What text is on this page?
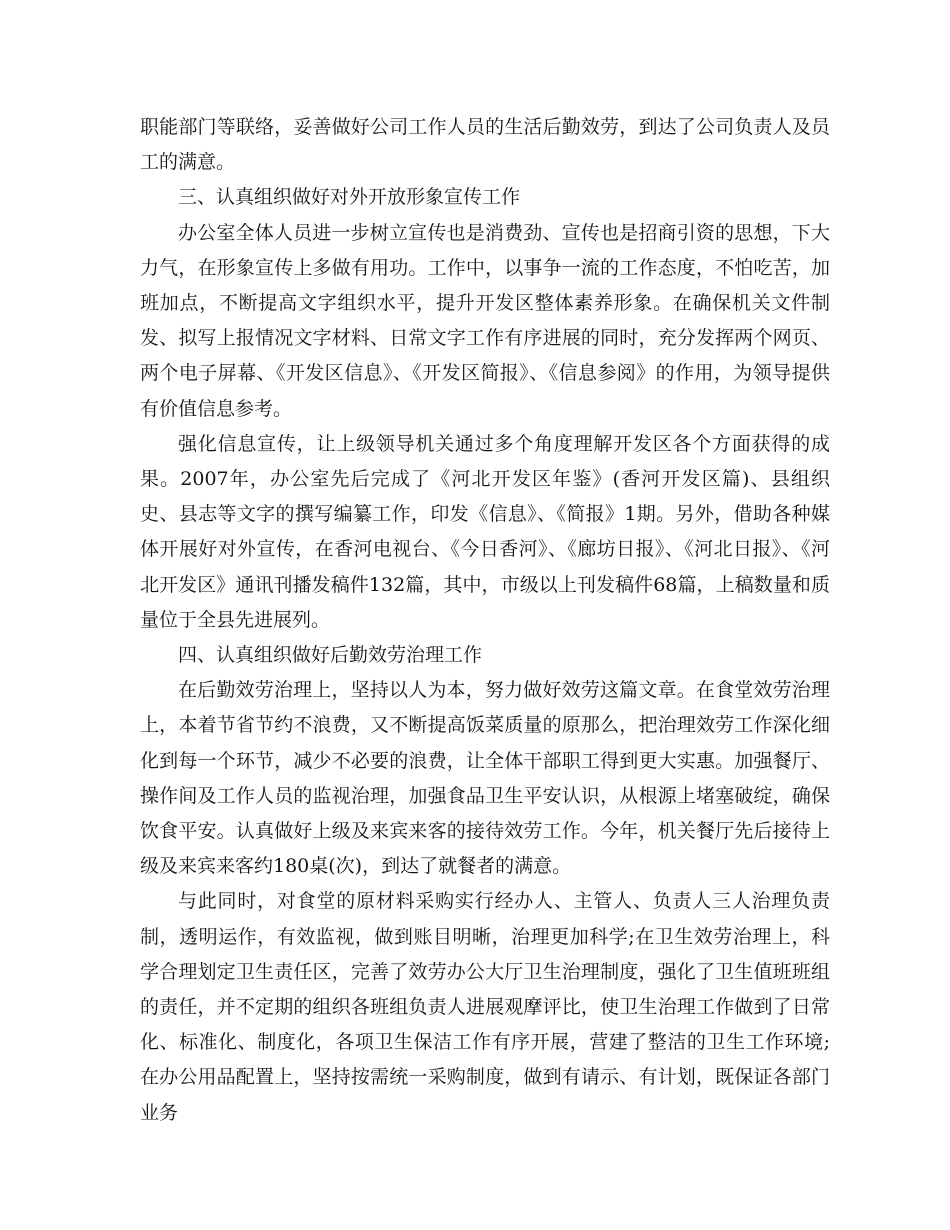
职能部门等联络，妥善做好公司工作人员的生活后勤效劳，到达了公司负责人及员工的满意。

三、认真组织做好对外开放形象宣传工作

办公室全体人员进一步树立宣传也是消费劲、宣传也是招商引资的思想，下大力气，在形象宣传上多做有用功。工作中，以事争一流的工作态度，不怕吃苦，加班加点，不断提高文字组织水平，提升开发区整体素养形象。在确保机关文件制发、拟写上报情况文字材料、日常文字工作有序进展的同时，充分发挥两个网页、两个电子屏幕、《开发区信息》、《开发区简报》、《信息参阅》的作用，为领导提供有价值信息参考。

强化信息宣传，让上级领导机关通过多个角度理解开发区各个方面获得的成果。2007年，办公室先后完成了《河北开发区年鉴》(香河开发区篇)、县组织史、县志等文字的撰写编纂工作，印发《信息》、《简报》1期。另外，借助各种媒体开展好对外宣传，在香河电视台、《今日香河》、《廊坊日报》、《河北日报》、《河北开发区》通讯刊播发稿件132篇，其中，市级以上刊发稿件68篇，上稿数量和质量位于全县先进展列。

四、认真组织做好后勤效劳治理工作

在后勤效劳治理上，坚持以人为本，努力做好效劳这篇文章。在食堂效劳治理上，本着节省节约不浪费，又不断提高饭菜质量的原那么，把治理效劳工作深化细化到每一个环节，减少不必要的浪费，让全体干部职工得到更大实惠。加强餐厅、操作间及工作人员的监视治理，加强食品卫生平安认识，从根源上堵塞破绽，确保饮食平安。认真做好上级及来宾来客的接待效劳工作。今年，机关餐厅先后接待上级及来宾来客约180桌(次)，到达了就餐者的满意。

与此同时，对食堂的原材料采购实行经办人、主管人、负责人三人治理负责制，透明运作，有效监视，做到账目明晰，治理更加科学;在卫生效劳治理上，科学合理划定卫生责任区，完善了效劳办公大厅卫生治理制度，强化了卫生值班班组的责任，并不定期的组织各班组负责人进展观摩评比，使卫生治理工作做到了日常化、标准化、制度化，各项卫生保洁工作有序开展，营建了整洁的卫生工作环境;在办公用品配置上，坚持按需统一采购制度，做到有请示、有计划，既保证各部门业务
